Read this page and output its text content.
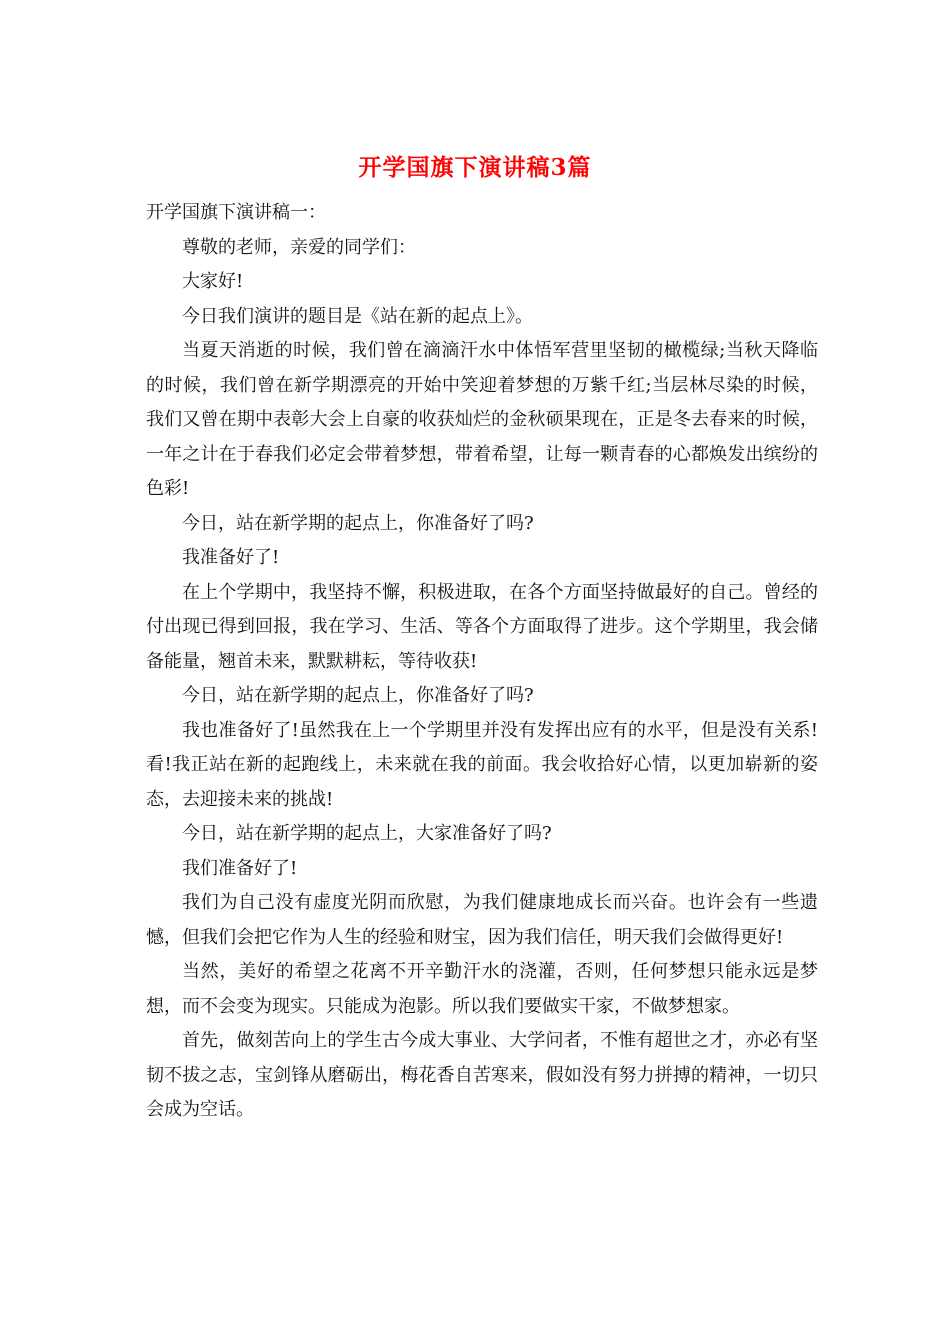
开学国旗下演讲稿3篇

开学国旗下演讲稿一：

尊敬的老师，亲爱的同学们：

大家好!

今日我们演讲的题目是《站在新的起点上》。

当夏天消逝的时候，我们曾在滴滴汗水中体悟军营里坚韧的橄榄绿;当秋天降临的时候，我们曾在新学期漂亮的开始中笑迎着梦想的万紫千红;当层林尽染的时候，我们又曾在期中表彰大会上自豪的收获灿烂的金秋硕果现在，正是冬去春来的时候，一年之计在于春我们必定会带着梦想，带着希望，让每一颗青春的心都焕发出缤纷的色彩!

今日，站在新学期的起点上，你准备好了吗?

我准备好了!

在上个学期中，我坚持不懈，积极进取，在各个方面坚持做最好的自己。曾经的付出现已得到回报，我在学习、生活、等各个方面取得了进步。这个学期里，我会储备能量，翘首未来，默默耕耘，等待收获!

今日，站在新学期的起点上，你准备好了吗?

我也准备好了!虽然我在上一个学期里并没有发挥出应有的水平，但是没有关系!看!我正站在新的起跑线上，未来就在我的前面。我会收拾好心情，以更加崭新的姿态，去迎接未来的挑战!

今日，站在新学期的起点上，大家准备好了吗?

我们准备好了!

我们为自己没有虚度光阴而欣慰，为我们健康地成长而兴奋。也许会有一些遗憾，但我们会把它作为人生的经验和财宝，因为我们信任，明天我们会做得更好!

当然，美好的希望之花离不开辛勤汗水的浇灌，否则，任何梦想只能永远是梦想，而不会变为现实。只能成为泡影。所以我们要做实干家，不做梦想家。

首先，做刻苦向上的学生古今成大事业、大学问者，不惟有超世之才，亦必有坚韧不拔之志，宝剑锋从磨砺出，梅花香自苦寒来，假如没有努力拼搏的精神，一切只会成为空话。
